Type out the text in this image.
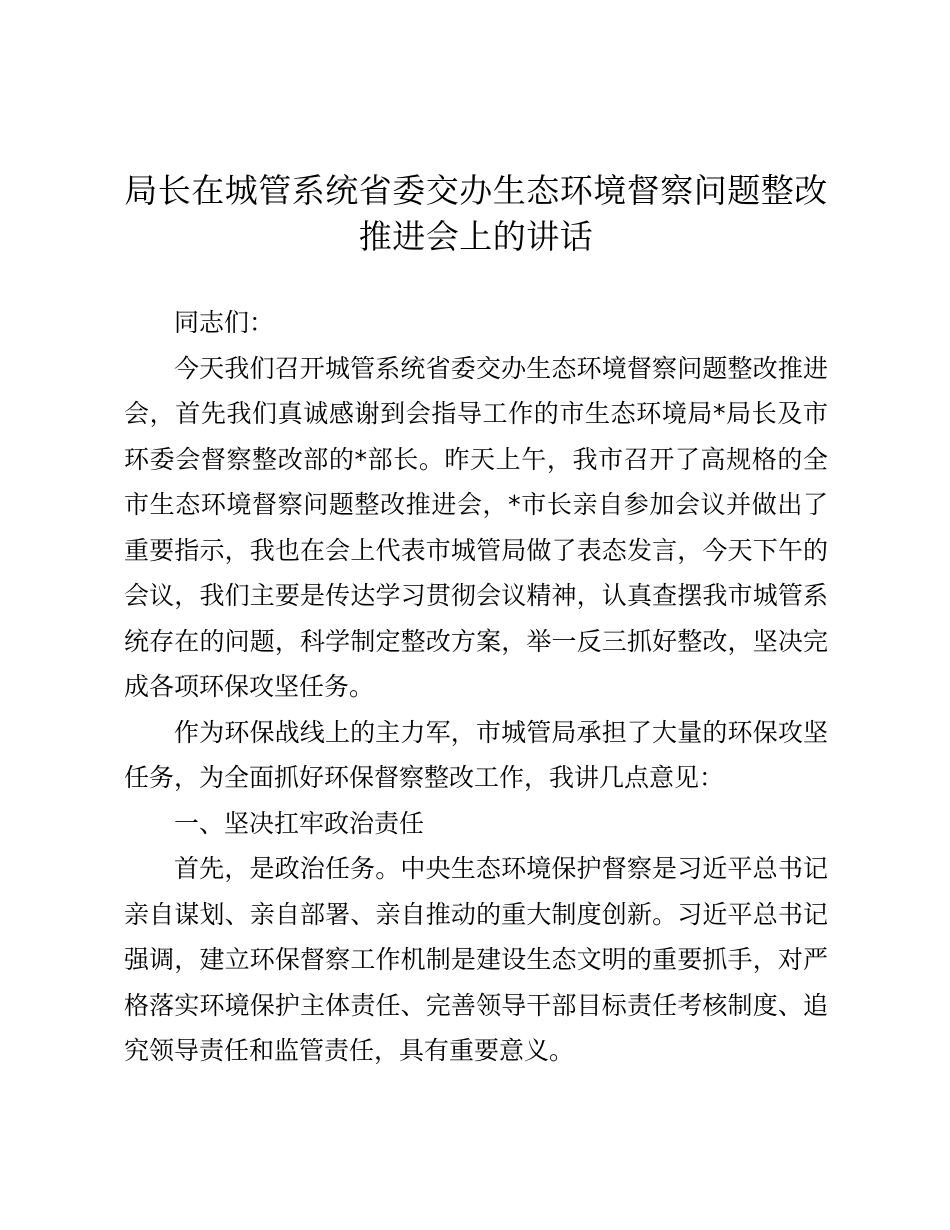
局长在城管系统省委交办生态环境督察问题整改推进会上的讲话

同志们：

今天我们召开城管系统省委交办生态环境督察问题整改推进会，首先我们真诚感谢到会指导工作的市生态环境局*局长及市环委会督察整改部的*部长。昨天上午，我市召开了高规格的全市生态环境督察问题整改推进会，*市长亲自参加会议并做出了重要指示，我也在会上代表市城管局做了表态发言，今天下午的会议，我们主要是传达学习贯彻会议精神，认真查摆我市城管系统存在的问题，科学制定整改方案，举一反三抓好整改，坚决完成各项环保攻坚任务。

作为环保战线上的主力军，市城管局承担了大量的环保攻坚任务，为全面抓好环保督察整改工作，我讲几点意见：

一、坚决扛牢政治责任

首先，是政治任务。中央生态环境保护督察是习近平总书记亲自谋划、亲自部署、亲自推动的重大制度创新。习近平总书记强调，建立环保督察工作机制是建设生态文明的重要抓手，对严格落实环境保护主体责任、完善领导干部目标责任考核制度、追究领导责任和监管责任，具有重要意义。
